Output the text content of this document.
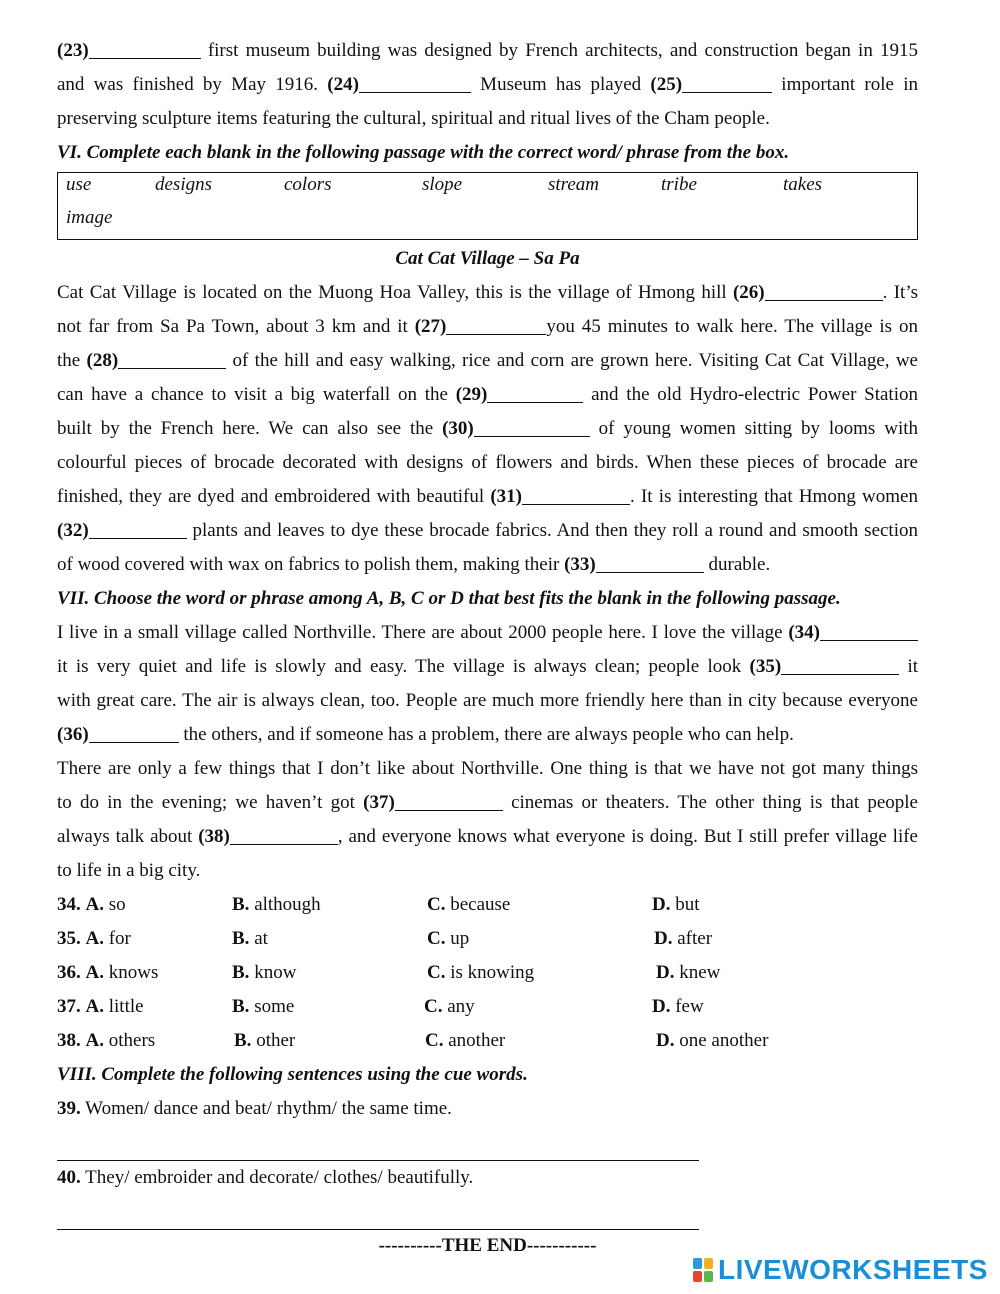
(23)	first museum building was designed by French architects, and construction began in 1915
and was finished by May 1916. (24)	Museum has played (25)	important role in
preserving sculpture items featuring the cultural, spiritual and ritual lives of the Cham people.
VI. Complete each blank in the following passage with the correct word/ phrase from the box.
use	designs	colors	slope	stream	tribe	takes
image
Cat Cat Village – Sa Pa
Cat Cat Village is located on the Muong Hoa Valley, this is the village of Hmong hill (26)	. It’s
not far from Sa Pa Town, about 3 km and it (27)	you 45 minutes to walk here. The village is on
the (28)	of the hill and easy walking, rice and corn are grown here. Visiting Cat Cat Village, we
can have a chance to visit a big waterfall on the (29)	and the old Hydro-electric Power Station
built by the French here. We can also see the (30)	of young women sitting by looms with
colourful pieces of brocade decorated with designs of flowers and birds. When these pieces of brocade are
finished, they are dyed and embroidered with beautiful (31)	. It is interesting that Hmong women
(32)	plants and leaves to dye these brocade fabrics. And then they roll a round and smooth section
of wood covered with wax on fabrics to polish them, making their (33)	durable.
VII. Choose the word or phrase among A, B, C or D that best fits the blank in the following passage.
I live in a small village called Northville. There are about 2000 people here. I love the village (34)
it is very quiet and life is slowly and easy. The village is always clean; people look (35)	it
with great care. The air is always clean, too. People are much more friendly here than in city because everyone
(36)	the others, and if someone has a problem, there are always people who can help.
There are only a few things that I don’t like about Northville. One thing is that we have not got many things
to do in the evening; we haven’t got (37)	cinemas or theaters. The other thing is that people
always talk about (38)	, and everyone knows what everyone is doing. But I still prefer village life
to life in a big city.
34. A. so	B. although	C. because	D. but
35. A. for	B. at	C. up	D. after
36. A. knows	B. know	C. is knowing	D. knew
37. A. little	B. some	C. any	D. few
38. A. others	B. other	C. another	D. one another
VIII. Complete the following sentences using the cue words.
39. Women/ dance and beat/ rhythm/ the same time.
40. They/ embroider and decorate/ clothes/ beautifully.
----------THE END-----------
LIVEWORKSHEETS
